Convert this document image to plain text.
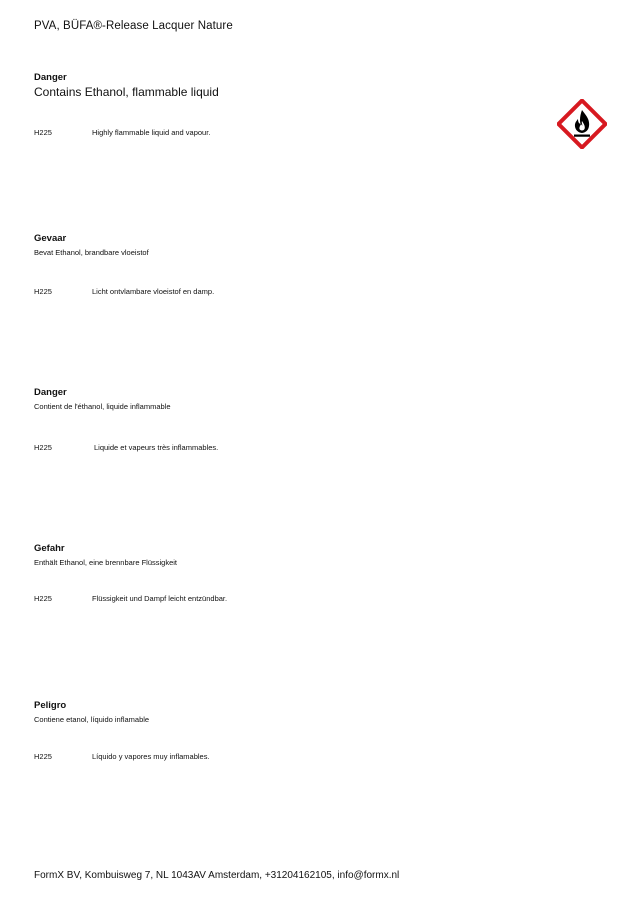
PVA, BÜFA®-Release Lacquer Nature
Danger
Contains Ethanol, flammable liquid
H225	Highly flammable liquid and vapour.
Gevaar
Bevat Ethanol, brandbare vloeistof
H225	Licht ontvlambare vloeistof en damp.
Danger
Contient de l'éthanol, liquide inflammable
H225	Liquide et vapeurs très inflammables.
Gefahr
Enthält Ethanol, eine brennbare Flüssigkeit
H225	Flüssigkeit und Dampf leicht entzündbar.
Peligro
Contiene etanol, líquido inflamable
H225	Líquido y vapores muy inflamables.
FormX BV, Kombuisweg 7, NL 1043AV Amsterdam, +31204162105, info@formx.nl
